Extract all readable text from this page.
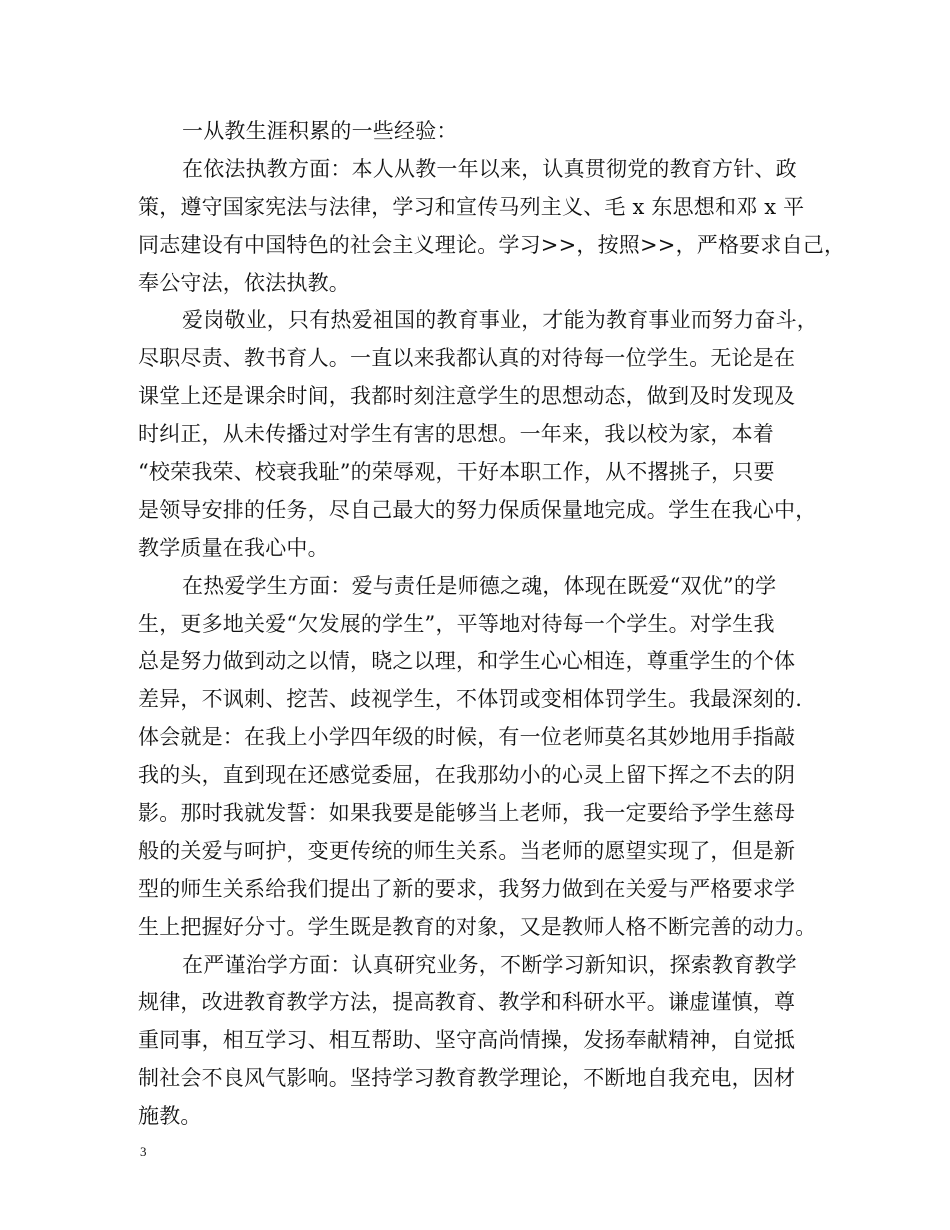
一从教生涯积累的一些经验：
在依法执教方面：本人从教一年以来，认真贯彻党的教育方针、政
策，遵守国家宪法与法律，学习和宣传马列主义、毛 x 东思想和邓 x 平
同志建设有中国特色的社会主义理论。学习>>，按照>>，严格要求自己，
奉公守法，依法执教。
爱岗敬业，只有热爱祖国的教育事业，才能为教育事业而努力奋斗，
尽职尽责、教书育人。一直以来我都认真的对待每一位学生。无论是在
课堂上还是课余时间，我都时刻注意学生的思想动态，做到及时发现及
时纠正，从未传播过对学生有害的思想。一年来，我以校为家，本着
“校荣我荣、校衰我耻”的荣辱观，干好本职工作，从不撂挑子，只要
是领导安排的任务，尽自己最大的努力保质保量地完成。学生在我心中，
教学质量在我心中。
在热爱学生方面：爱与责任是师德之魂，体现在既爱“双优”的学
生，更多地关爱“欠发展的学生”，平等地对待每一个学生。对学生我
总是努力做到动之以情，晓之以理，和学生心心相连，尊重学生的个体
差异，不讽刺、挖苦、歧视学生，不体罚或变相体罚学生。我最深刻的.
体会就是：在我上小学四年级的时候，有一位老师莫名其妙地用手指敲
我的头，直到现在还感觉委屈，在我那幼小的心灵上留下挥之不去的阴
影。那时我就发誓：如果我要是能够当上老师，我一定要给予学生慈母
般的关爱与呵护，变更传统的师生关系。当老师的愿望实现了，但是新
型的师生关系给我们提出了新的要求，我努力做到在关爱与严格要求学
生上把握好分寸。学生既是教育的对象，又是教师人格不断完善的动力。
在严谨治学方面：认真研究业务，不断学习新知识，探索教育教学
规律，改进教育教学方法，提高教育、教学和科研水平。谦虚谨慎，尊
重同事，相互学习、相互帮助、坚守高尚情操，发扬奉献精神，自觉抵
制社会不良风气影响。坚持学习教育教学理论，不断地自我充电，因材
施教。
3
